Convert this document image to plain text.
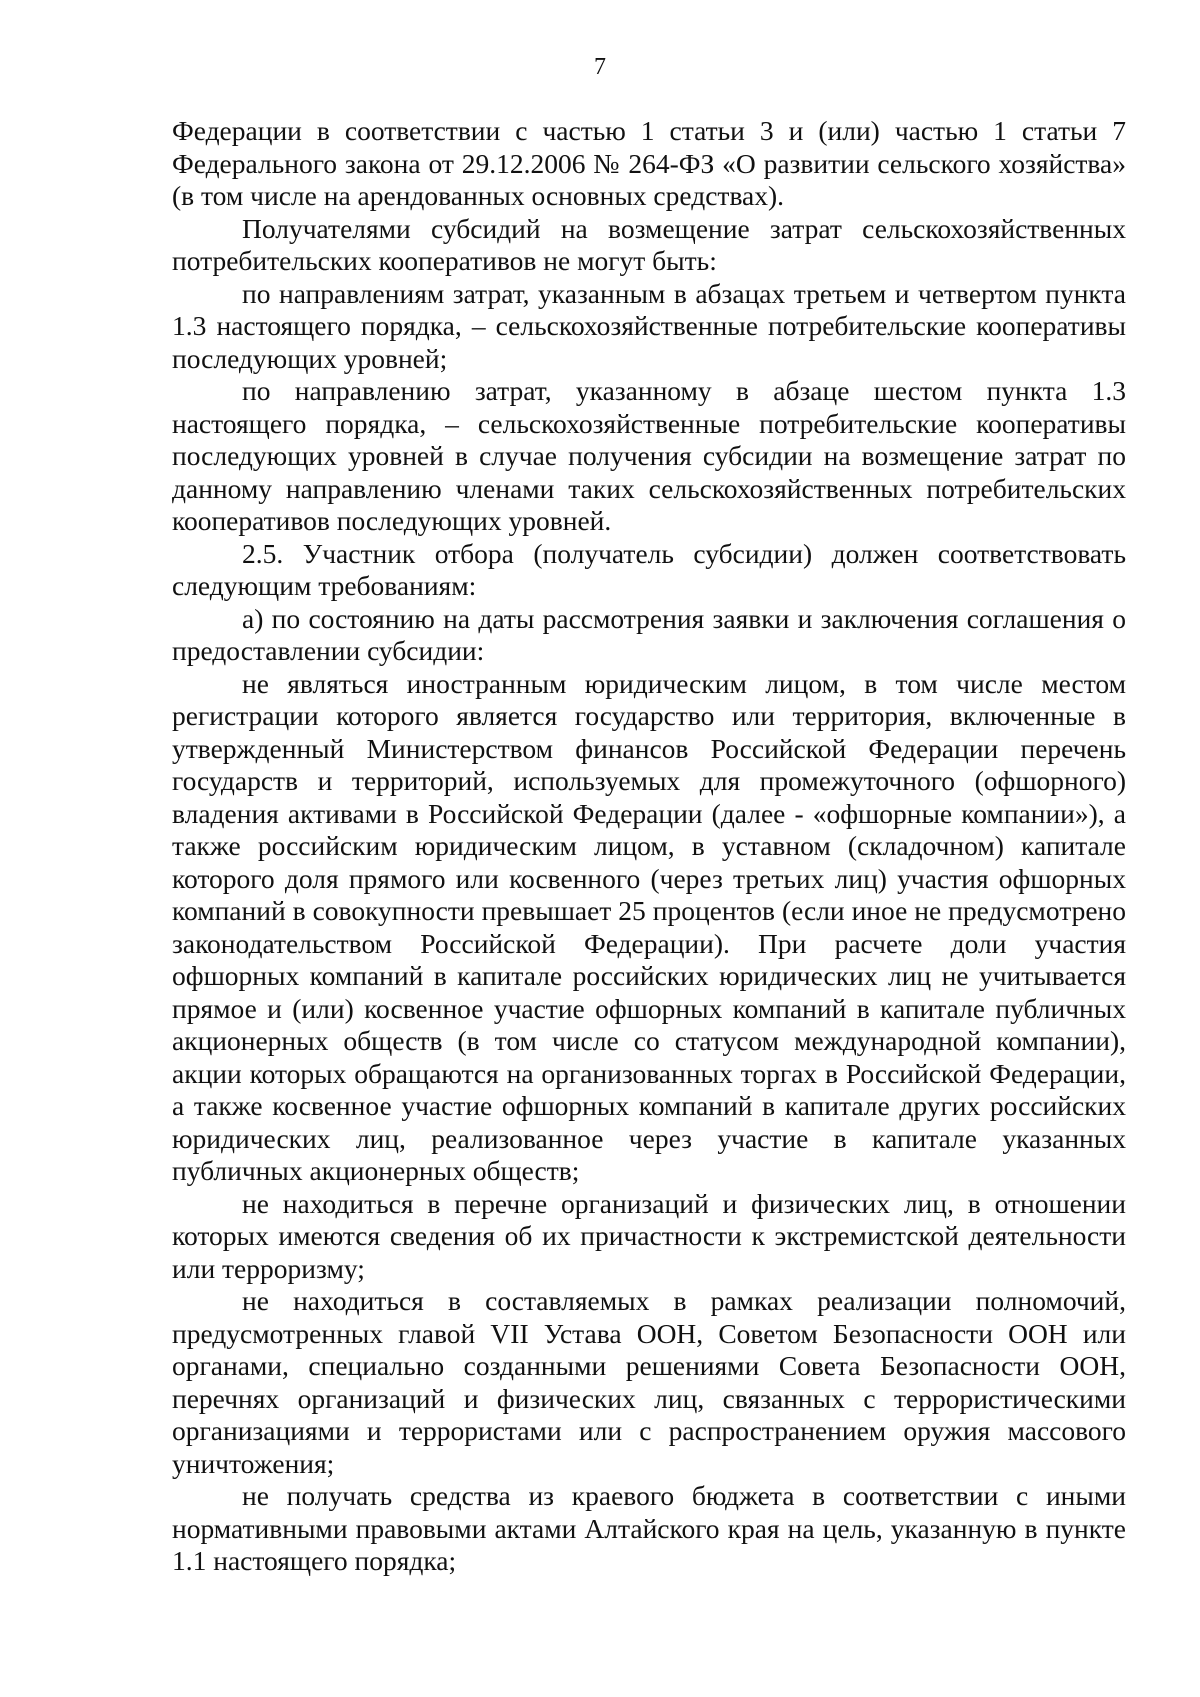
7

Федерации в соответствии с частью 1 статьи 3 и (или) частью 1 статьи 7 Федерального закона от 29.12.2006 № 264-ФЗ «О развитии сельского хозяйства» (в том числе на арендованных основных средствах).

Получателями субсидий на возмещение затрат сельскохозяйственных потребительских кооперативов не могут быть:

по направлениям затрат, указанным в абзацах третьем и четвертом пункта 1.3 настоящего порядка, – сельскохозяйственные потребительские кооперативы последующих уровней;

по направлению затрат, указанному в абзаце шестом пункта 1.3 настоящего порядка, – сельскохозяйственные потребительские кооперативы последующих уровней в случае получения субсидии на возмещение затрат по данному направлению членами таких сельскохозяйственных потребительских кооперативов последующих уровней.

2.5. Участник отбора (получатель субсидии) должен соответствовать следующим требованиям:

а) по состоянию на даты рассмотрения заявки и заключения соглашения о предоставлении субсидии:

не являться иностранным юридическим лицом, в том числе местом регистрации которого является государство или территория, включенные в утвержденный Министерством финансов Российской Федерации перечень государств и территорий, используемых для промежуточного (офшорного) владения активами в Российской Федерации (далее - «офшорные компании»), а также российским юридическим лицом, в уставном (складочном) капитале которого доля прямого или косвенного (через третьих лиц) участия офшорных компаний в совокупности превышает 25 процентов (если иное не предусмотрено законодательством Российской Федерации). При расчете доли участия офшорных компаний в капитале российских юридических лиц не учитывается прямое и (или) косвенное участие офшорных компаний в капитале публичных акционерных обществ (в том числе со статусом международной компании), акции которых обращаются на организованных торгах в Российской Федерации, а также косвенное участие офшорных компаний в капитале других российских юридических лиц, реализованное через участие в капитале указанных публичных акционерных обществ;

не находиться в перечне организаций и физических лиц, в отношении которых имеются сведения об их причастности к экстремистской деятельности или терроризму;

не находиться в составляемых в рамках реализации полномочий, предусмотренных главой VII Устава ООН, Советом Безопасности ООН или органами, специально созданными решениями Совета Безопасности ООН, перечнях организаций и физических лиц, связанных с террористическими организациями и террористами или с распространением оружия массового уничтожения;

не получать средства из краевого бюджета в соответствии с иными нормативными правовыми актами Алтайского края на цель, указанную в пункте 1.1 настоящего порядка;
